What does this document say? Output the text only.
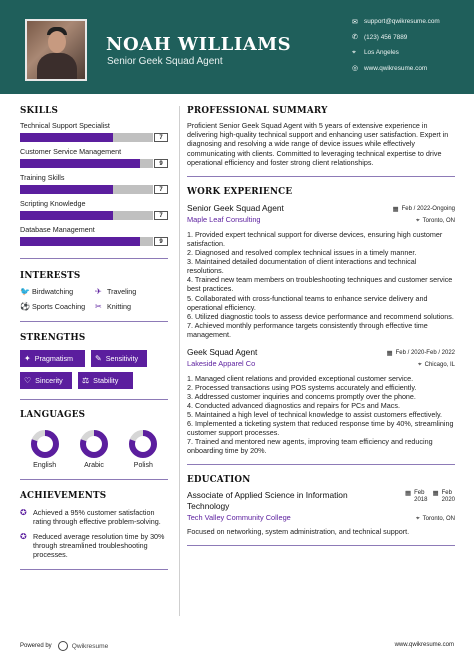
NOAH WILLIAMS
Senior Geek Squad Agent
✉ support@qwikresume.com
✆ (123) 456 7889
⌖	Los Angeles
◎ www.qwikresume.com
SKILLS
Technical Support Specialist
7
Customer Service Management
9
Training Skills
7
Scripting Knowledge
7
Database Management
9
INTERESTS
🐦 Birdwatching	✈ Traveling
⚽ Sports Coaching ✂ Knitting
STRENGTHS
✦ Pragmatism	✎ Sensitivity
♡ Sincerity ⚖ Stability
LANGUAGES
English	Arabic	Polish
ACHIEVEMENTS
✪ Achieved a 95% customer satisfaction rating through effective problem-solving.
✪ Reduced average resolution time by 30% through streamlined troubleshooting processes.
PROFESSIONAL SUMMARY
Proficient Senior Geek Squad Agent with 5 years of extensive experience in delivering high-quality technical support and enhancing user satisfaction. Expert in diagnosing and resolving a wide range of device issues while effectively communicating with clients. Committed to leveraging technical expertise to drive operational efficiency and foster strong client relationships.
WORK EXPERIENCE
Senior Geek Squad Agent	▦ Feb / 2022-Ongoing
Maple Leaf Consulting	⌖ Toronto, ON
1. Provided expert technical support for diverse devices, ensuring high customer satisfaction.
2. Diagnosed and resolved complex technical issues in a timely manner.
3. Maintained detailed documentation of client interactions and technical resolutions.
4. Trained new team members on troubleshooting techniques and customer service best practices.
5. Collaborated with cross-functional teams to enhance service delivery and operational efficiency.
6. Utilized diagnostic tools to assess device performance and recommend solutions.
7. Achieved monthly performance targets consistently through effective time management.
Geek Squad Agent	▦ Feb / 2020-Feb / 2022
Lakeside Apparel Co	⌖ Chicago, IL
1. Managed client relations and provided exceptional customer service.
2. Processed transactions using POS systems accurately and efficiently.
3. Addressed customer inquiries and concerns promptly over the phone.
4. Conducted advanced diagnostics and repairs for PCs and Macs.
5. Maintained a high level of technical knowledge to assist customers effectively.
6. Implemented a ticketing system that reduced response time by 40%, streamlining customer support processes.
7. Trained and mentored new agents, improving team efficiency and reducing onboarding time by 20%.
EDUCATION
Associate of Applied Science in Information Technology
▦ Feb
2018
▦ Feb
2020
Tech Valley Community College	⌖ Toronto, ON
Focused on networking, system administration, and technical support.
Powered by	Qwikresume	www.qwikresume.com
